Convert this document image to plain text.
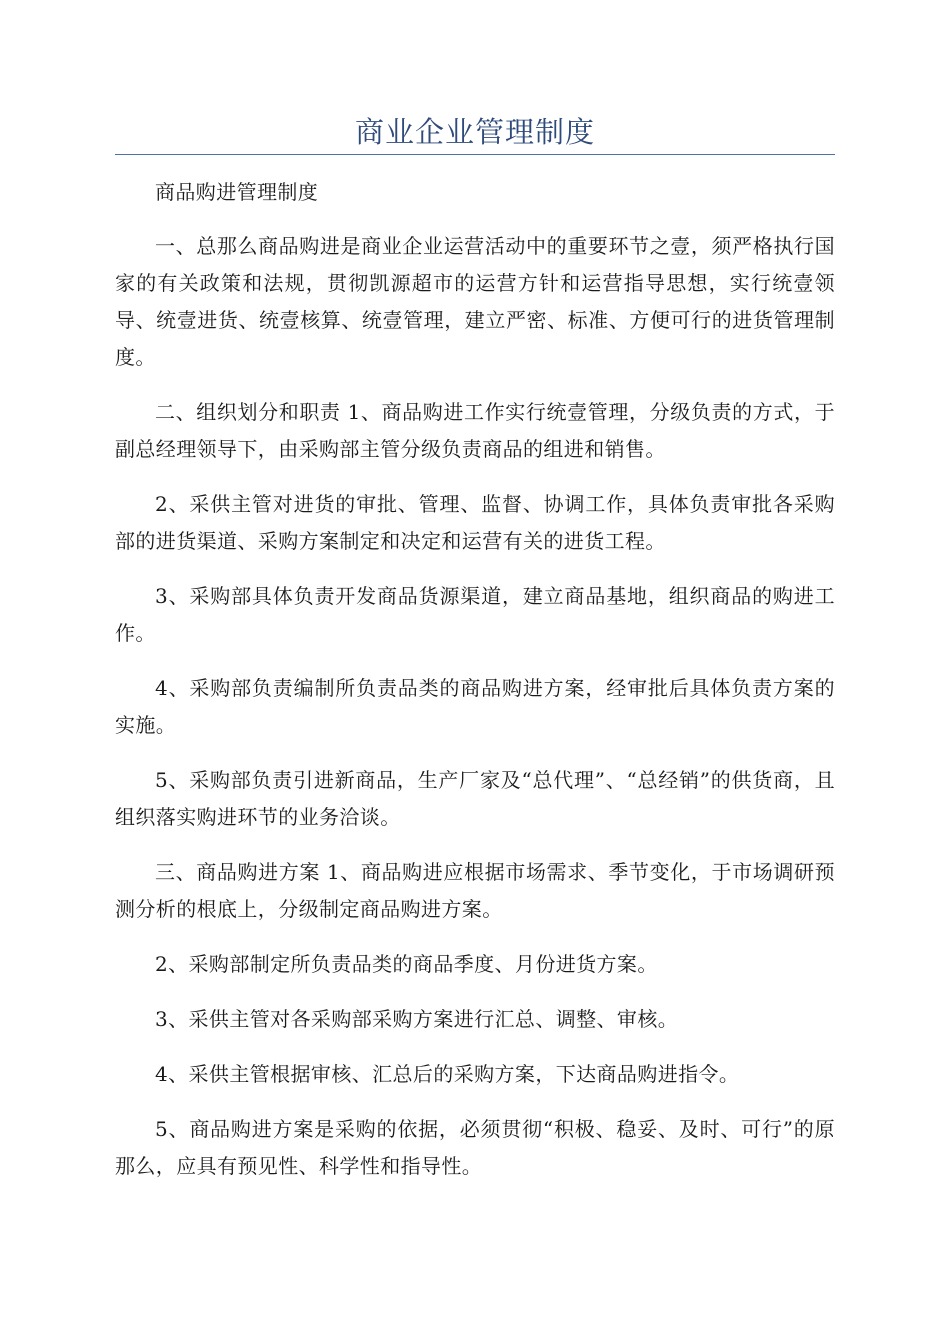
商业企业管理制度

商品购进管理制度

一、总那么商品购进是商业企业运营活动中的重要环节之壹，须严格执行国家的有关政策和法规，贯彻凯源超市的运营方针和运营指导思想，实行统壹领导、统壹进货、统壹核算、统壹管理，建立严密、标准、方便可行的进货管理制度。

二、组织划分和职责 1、商品购进工作实行统壹管理，分级负责的方式，于副总经理领导下，由采购部主管分级负责商品的组进和销售。

2、采供主管对进货的审批、管理、监督、协调工作，具体负责审批各采购部的进货渠道、采购方案制定和决定和运营有关的进货工程。

3、采购部具体负责开发商品货源渠道，建立商品基地，组织商品的购进工作。

4、采购部负责编制所负责品类的商品购进方案，经审批后具体负责方案的实施。

5、采购部负责引进新商品，生产厂家及“总代理”、“总经销”的供货商，且组织落实购进环节的业务洽谈。

三、商品购进方案 1、商品购进应根据市场需求、季节变化，于市场调研预测分析的根底上，分级制定商品购进方案。

2、采购部制定所负责品类的商品季度、月份进货方案。

3、采供主管对各采购部采购方案进行汇总、调整、审核。

4、采供主管根据审核、汇总后的采购方案，下达商品购进指令。

5、商品购进方案是采购的依据，必须贯彻“积极、稳妥、及时、可行”的原那么，应具有预见性、科学性和指导性。
